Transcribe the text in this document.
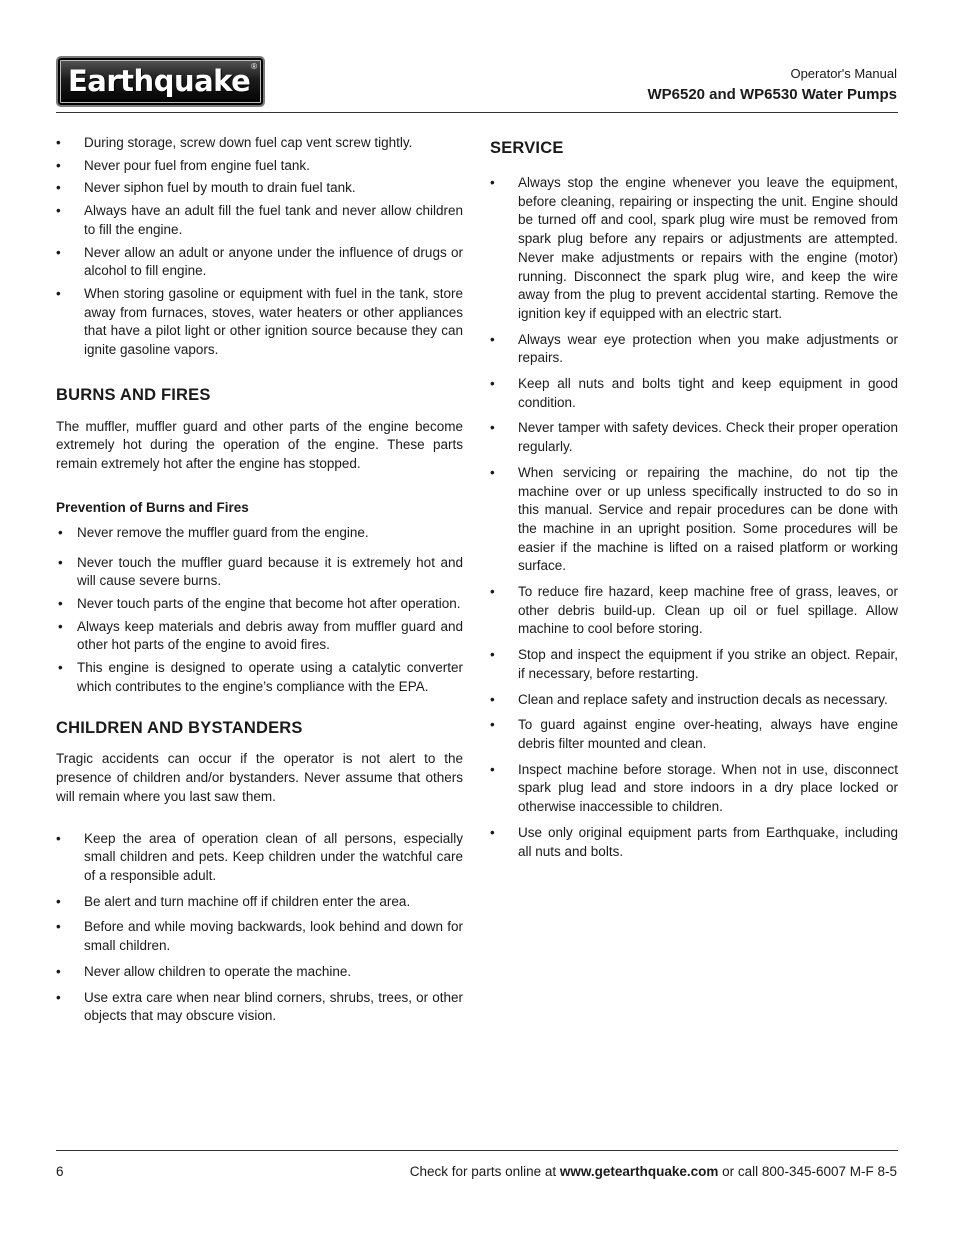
Earthquake ®	Operator's Manual
WP6520 and WP6530 Water Pumps
• During storage, screw down fuel cap vent screw tightly.
• Never pour fuel from engine fuel tank.
• Never siphon fuel by mouth to drain fuel tank.
• Always have an adult fill the fuel tank and never allow children to fill the engine.
• Never allow an adult or anyone under the influence of drugs or alcohol to fill engine.
• When storing gasoline or equipment with fuel in the tank, store away from furnaces, stoves, water heaters or other appliances that have a pilot light or other ignition source because they can ignite gasoline vapors.
BURNS AND FIRES

The muffler, muffler guard and other parts of the engine become extremely hot during the operation of the engine. These parts remain extremely hot after the engine has stopped.

Prevention of Burns and Fires
• Never remove the muffler guard from the engine.
• Never touch the muffler guard because it is extremely hot and will cause severe burns.
• Never touch parts of the engine that become hot after operation.
• Always keep materials and debris away from muffler guard and other hot parts of the engine to avoid fires.
• This engine is designed to operate using a catalytic converter which contributes to the engine’s compliance with the EPA.
CHILDREN AND BYSTANDERS

Tragic accidents can occur if the operator is not alert to the presence of children and/or bystanders. Never assume that others will remain where you last saw them.

• Keep the area of operation clean of all persons, especially small children and pets. Keep children under the watchful care of a responsible adult.
• Be alert and turn machine off if children enter the area.
• Before and while moving backwards, look behind and down for small children.
• Never allow children to operate the machine.
• Use extra care when near blind corners, shrubs, trees, or other objects that may obscure vision.
SERVICE
• Always stop the engine whenever you leave the equipment, before cleaning, repairing or inspecting the unit. Engine should be turned off and cool, spark plug wire must be removed from spark plug before any repairs or adjustments are attempted. Never make adjustments or repairs with the engine (motor) running. Disconnect the spark plug wire, and keep the wire away from the plug to prevent accidental starting. Remove the ignition key if equipped with an electric start.
• Always wear eye protection when you make adjustments or repairs.
• Keep all nuts and bolts tight and keep equipment in good condition.
• Never tamper with safety devices. Check their proper operation regularly.
• When servicing or repairing the machine, do not tip the machine over or up unless specifically instructed to do so in this manual. Service and repair procedures can be done with the machine in an upright position. Some procedures will be easier if the machine is lifted on a raised platform or working surface.
• To reduce fire hazard, keep machine free of grass, leaves, or other debris build-up. Clean up oil or fuel spillage. Allow machine to cool before storing.
• Stop and inspect the equipment if you strike an object. Repair, if necessary, before restarting.
• Clean and replace safety and instruction decals as necessary.
• To guard against engine over-heating, always have engine debris filter mounted and clean.
• Inspect machine before storage. When not in use, disconnect spark plug lead and store indoors in a dry place locked or otherwise inaccessible to children.
• Use only original equipment parts from Earthquake, including all nuts and bolts.
6	Check for parts online at www.getearthquake.com or call 800-345-6007 M-F 8-5
